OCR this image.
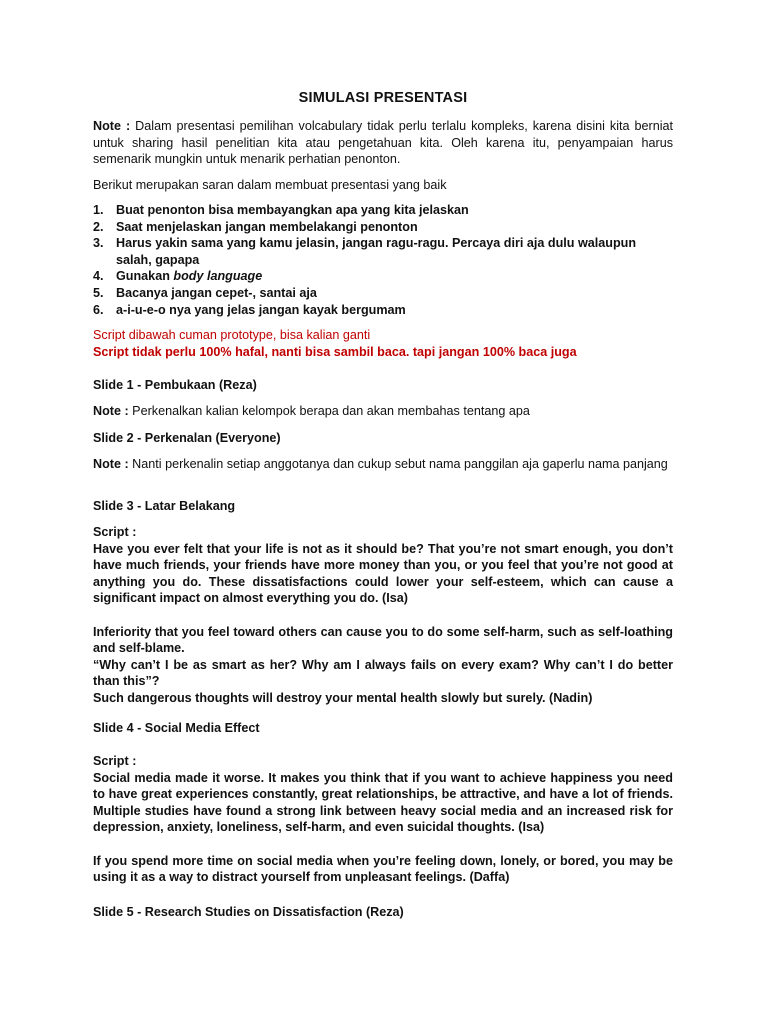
SIMULASI PRESENTASI
Note : Dalam presentasi pemilihan volcabulary tidak perlu terlalu kompleks, karena disini kita berniat untuk sharing hasil penelitian kita atau pengetahuan kita. Oleh karena itu, penyampaian harus semenarik mungkin untuk menarik perhatian penonton.
Berikut merupakan saran dalam membuat presentasi yang baik
1. Buat penonton bisa membayangkan apa yang kita jelaskan
2. Saat menjelaskan jangan membelakangi penonton
3. Harus yakin sama yang kamu jelasin, jangan ragu-ragu. Percaya diri aja dulu walaupun salah, gapapa
4. Gunakan body language
5. Bacanya jangan cepet-, santai aja
6. a-i-u-e-o nya yang jelas jangan kayak bergumam
Script dibawah cuman prototype, bisa kalian ganti
Script tidak perlu 100% hafal, nanti bisa sambil baca. tapi jangan 100% baca juga
Slide 1 - Pembukaan (Reza)
Note : Perkenalkan kalian kelompok berapa dan akan membahas tentang apa
Slide 2 - Perkenalan (Everyone)
Note : Nanti perkenalin setiap anggotanya dan cukup sebut nama panggilan aja gaperlu nama panjang
Slide 3 - Latar Belakang
Script :
Have you ever felt that your life is not as it should be? That you’re not smart enough, you don’t have much friends, your friends have more money than you, or you feel that you’re not good at anything you do. These dissatisfactions could lower your self-esteem, which can cause a significant impact on almost everything you do. (Isa)
Inferiority that you feel toward others can cause you to do some self-harm, such as self-loathing and self-blame.
“Why can’t I be as smart as her? Why am I always fails on every exam? Why can’t I do better than this”?
Such dangerous thoughts will destroy your mental health slowly but surely. (Nadin)
Slide 4 - Social Media Effect
Script :
Social media made it worse. It makes you think that if you want to achieve happiness you need to have great experiences constantly, great relationships, be attractive, and have a lot of friends. Multiple studies have found a strong link between heavy social media and an increased risk for depression, anxiety, loneliness, self-harm, and even suicidal thoughts. (Isa)
If you spend more time on social media when you’re feeling down, lonely, or bored, you may be using it as a way to distract yourself from unpleasant feelings. (Daffa)
Slide 5 - Research Studies on Dissatisfaction (Reza)
